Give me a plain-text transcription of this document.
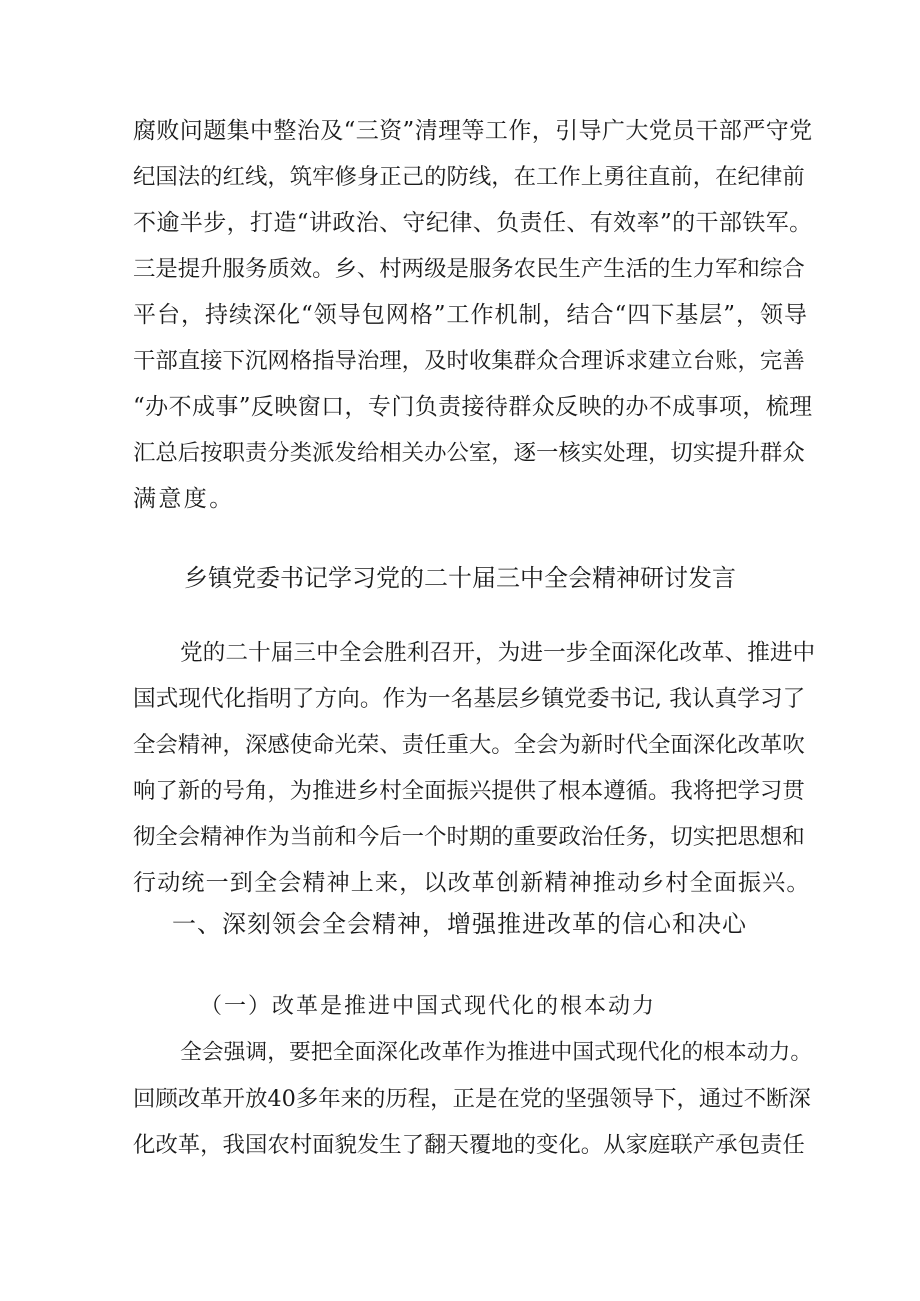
腐败问题集中整治及“三资”清理等工作，引导广大党员干部严守党
纪国法的红线，筑牢修身正己的防线，在工作上勇往直前，在纪律前
不逾半步，打造“讲政治、守纪律、负责任、有效率”的干部铁军。
三是提升服务质效。乡、村两级是服务农民生产生活的生力军和综合
平台，持续深化“领导包网格”工作机制，结合“四下基层”，领导
干部直接下沉网格指导治理，及时收集群众合理诉求建立台账，完善
“办不成事”反映窗口，专门负责接待群众反映的办不成事项，梳理
汇总后按职责分类派发给相关办公室，逐一核实处理，切实提升群众
满意度。
乡镇党委书记学习党的二十届三中全会精神研讨发言
党的二十届三中全会胜利召开，为进一步全面深化改革、推进中
国式现代化指明了方向。作为一名基层乡镇党委书记, 我认真学习了
全会精神，深感使命光荣、责任重大。全会为新时代全面深化改革吹
响了新的号角，为推进乡村全面振兴提供了根本遵循。我将把学习贯
彻全会精神作为当前和今后一个时期的重要政治任务，切实把思想和
行动统一到全会精神上来，以改革创新精神推动乡村全面振兴。
一、深刻领会全会精神，增强推进改革的信心和决心
（一）改革是推进中国式现代化的根本动力
全会强调，要把全面深化改革作为推进中国式现代化的根本动力。
回顾改革开放40多年来的历程，正是在党的坚强领导下，通过不断深
化改革，我国农村面貌发生了翻天覆地的变化。从家庭联产承包责任
